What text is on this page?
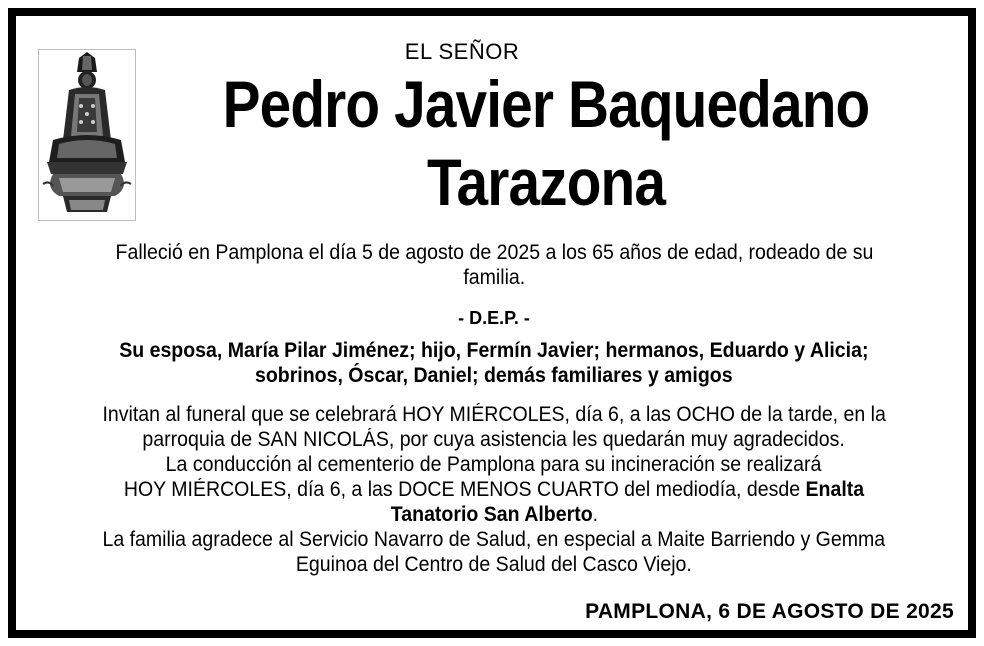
EL SEÑOR
Pedro Javier Baquedano
Tarazona
Falleció en Pamplona el día 5 de agosto de 2025 a los 65 años de edad, rodeado de su
familia.
- D.E.P. -
Su esposa, María Pilar Jiménez; hijo, Fermín Javier; hermanos, Eduardo y Alicia;
sobrinos, Óscar, Daniel; demás familiares y amigos
Invitan al funeral que se celebrará HOY MIÉRCOLES, día 6, a las OCHO de la tarde, en la
parroquia de SAN NICOLÁS, por cuya asistencia les quedarán muy agradecidos.
La conducción al cementerio de Pamplona para su incineración se realizará
HOY MIÉRCOLES, día 6, a las DOCE MENOS CUARTO del mediodía, desde Enalta
Tanatorio San Alberto.
La familia agradece al Servicio Navarro de Salud, en especial a Maite Barriendo y Gemma
Eguinoa del Centro de Salud del Casco Viejo.
PAMPLONA, 6 DE AGOSTO DE 2025
